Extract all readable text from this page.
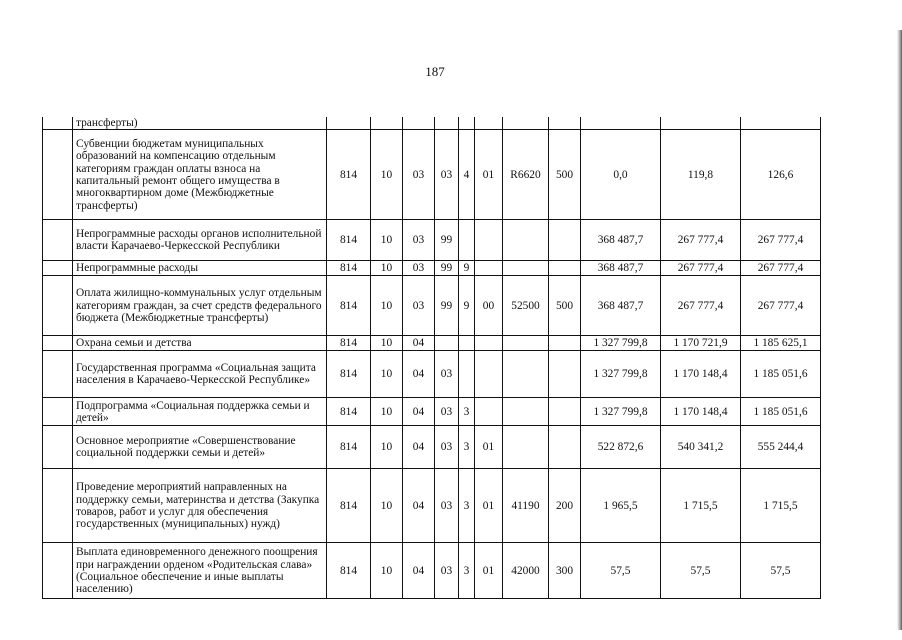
187
	трансферты)											
	Субвенции бюджетам муниципальных образований на компенсацию отдельным категориям граждан оплаты взноса на капитальный ремонт общего имущества в многоквартирном доме (Межбюджетные трансферты)	814	10	03	03	4	01	R6620	500	0,0	119,8	126,6
	Непрограммные расходы органов исполнительной власти Карачаево-Черкесской Республики	814	10	03	99					368 487,7	267 777,4	267 777,4
	Непрограммные расходы	814	10	03	99	9				368 487,7	267 777,4	267 777,4
	Оплата жилищно-коммунальных услуг отдельным категориям граждан, за счет средств федерального бюджета (Межбюджетные трансферты)	814	10	03	99	9	00	52500	500	368 487,7	267 777,4	267 777,4
	Охрана семьи и детства	814	10	04						1 327 799,8	1 170 721,9	1 185 625,1
	Государственная программа «Социальная защита населения в Карачаево-Черкесской Республике»	814	10	04	03					1 327 799,8	1 170 148,4	1 185 051,6
	Подпрограмма «Социальная поддержка семьи и детей»	814	10	04	03	3				1 327 799,8	1 170 148,4	1 185 051,6
	Основное мероприятие «Совершенствование социальной поддержки семьи и детей»	814	10	04	03	3	01			522 872,6	540 341,2	555 244,4
	Проведение мероприятий направленных на поддержку семьи, материнства и детства (Закупка товаров, работ и услуг для обеспечения государственных (муниципальных) нужд)	814	10	04	03	3	01	41190	200	1 965,5	1 715,5	1 715,5
	Выплата единовременного денежного поощрения при награждении орденом «Родительская слава» (Социальное обеспечение и иные выплаты населению)	814	10	04	03	3	01	42000	300	57,5	57,5	57,5
